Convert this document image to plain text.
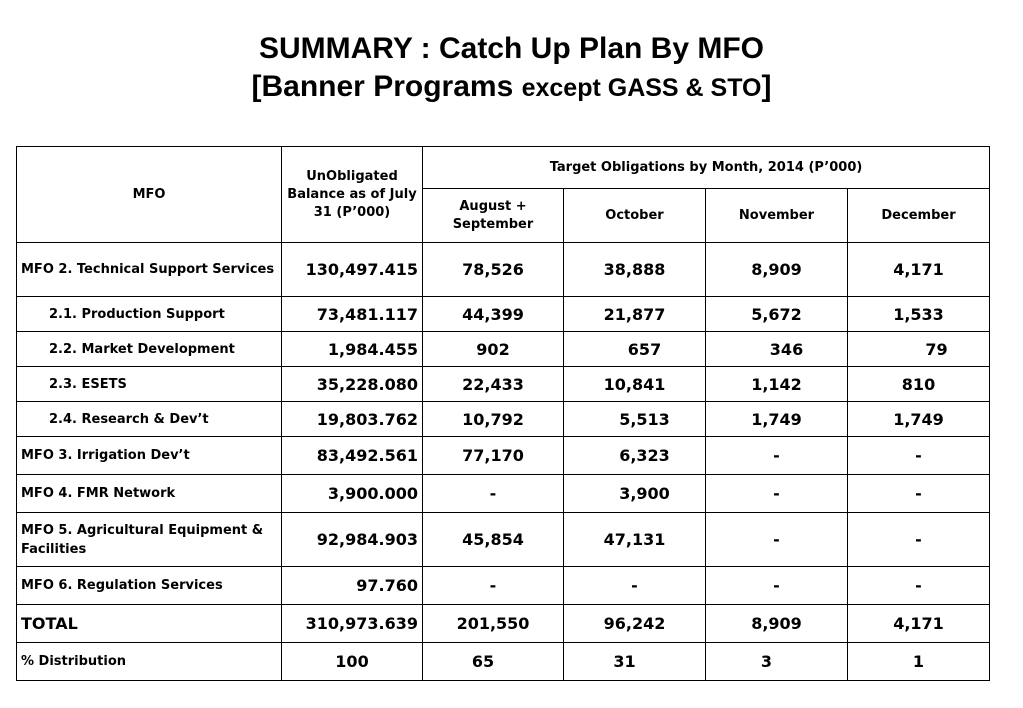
SUMMARY : Catch Up Plan By MFO
[Banner Programs except GASS & STO]
MFO	UnObligated Balance as of July 31 (P’000)	Target Obligations by Month, 2014 (P’000)			
		August + September	October	November	December
MFO 2. Technical Support Services	130,497.415	78,526	38,888	8,909	4,171
2.1. Production Support	73,481.117	44,399	21,877	5,672	1,533
2.2. Market Development	1,984.455	902	657	346	79
2.3. ESETS	35,228.080	22,433	10,841	1,142	810
2.4. Research & Dev’t	19,803.762	10,792	5,513	1,749	1,749
MFO 3. Irrigation Dev’t	83,492.561	77,170	6,323	-	-
MFO 4. FMR Network	3,900.000	-	3,900	-	-
MFO 5. Agricultural Equipment & Facilities	92,984.903	45,854	47,131	-	-
MFO 6. Regulation Services	97.760	-	-	-	-
TOTAL	310,973.639	201,550	96,242	8,909	4,171
% Distribution	100	65	31	3	1
